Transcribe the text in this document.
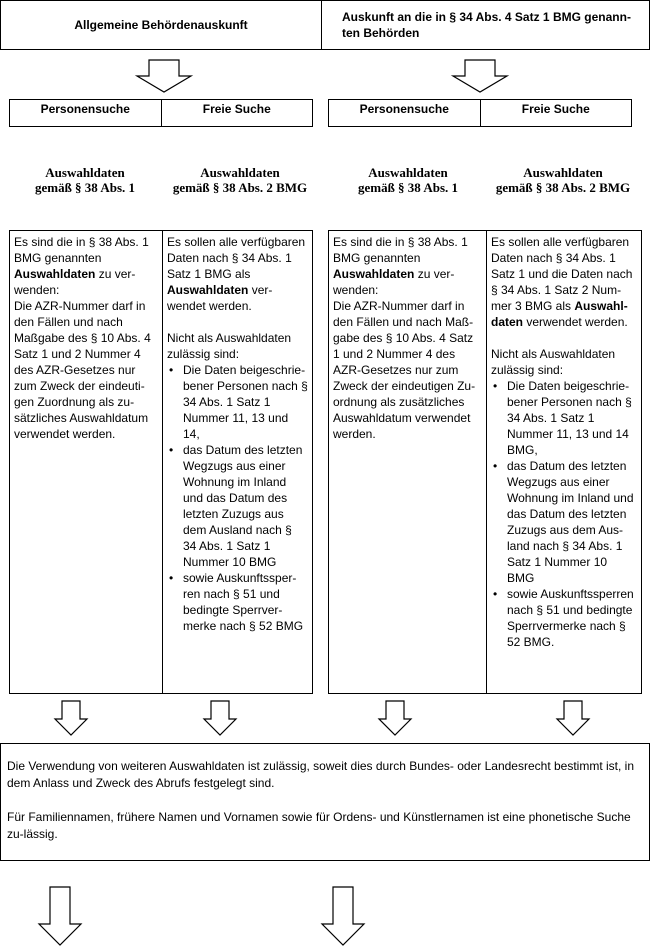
Allgemeine Behördenauskunft
Auskunft an die in § 34 Abs. 4 Satz 1 BMG genann-ten Behörden
Personensuche	Freie Suche	Personensuche	Freie Suche
Auswahldaten
gemäß § 38 Abs. 1
Auswahldaten
gemäß § 38 Abs. 2 BMG
Auswahldaten
gemäß § 38 Abs. 1
Auswahldaten
gemäß § 38 Abs. 2 BMG

Es sind die in § 38 Abs. 1 BMG genannten Auswahldaten zu ver-wenden:

Die AZR-Nummer darf in den Fällen und nach Maßgabe des § 10 Abs. 4 Satz 1 und 2 Nummer 4 des AZR-Gesetzes nur zum Zweck der eindeuti-gen Zuordnung als zu-sätzliches Auswahldatum verwendet werden.

Es sollen alle verfügbaren Daten nach § 34 Abs. 1 Satz 1 BMG als Auswahldaten ver-wendet werden.

Nicht als Auswahldaten zulässig sind:

• Die Daten beigeschrie-bener Personen nach § 34 Abs. 1 Satz 1 Nummer 11, 13 und 14,
• das Datum des letzten Wegzugs aus einer Wohnung im Inland und das Datum des letzten Zuzugs aus dem Ausland nach § 34 Abs. 1 Satz 1 Nummer 10 BMG
• sowie Auskunftssper-ren nach § 51 und bedingte Sperrver-merke nach § 52 BMG

Es sind die in § 38 Abs. 1 BMG genannten Auswahldaten zu ver-wenden:

Die AZR-Nummer darf in den Fällen und nach Maß-gabe des § 10 Abs. 4 Satz 1 und 2 Nummer 4 des AZR-Gesetzes nur zum Zweck der eindeutigen Zu-ordnung als zusätzliches Auswahldatum verwendet werden.

Es sollen alle verfügbaren Daten nach § 34 Abs. 1 Satz 1 und die Daten nach § 34 Abs. 1 Satz 2 Num-mer 3 BMG als Auswahl-daten verwendet werden.

Nicht als Auswahldaten zulässig sind:

• Die Daten beigeschrie-bener Personen nach § 34 Abs. 1 Satz 1 Nummer 11, 13 und 14 BMG,
• das Datum des letzten Wegzugs aus einer Wohnung im Inland und das Datum des letzten Zuzugs aus dem Aus-land nach § 34 Abs. 1 Satz 1 Nummer 10 BMG
• sowie Auskunftssperren nach § 51 und bedingte Sperrvermerke nach § 52 BMG.

Die Verwendung von weiteren Auswahldaten ist zulässig, soweit dies durch Bundes- oder Landesrecht bestimmt ist, in dem Anlass und Zweck des Abrufs festgelegt sind.

Für Familiennamen, frühere Namen und Vornamen sowie für Ordens- und Künstlernamen ist eine phonetische Suche zu-lässig.
